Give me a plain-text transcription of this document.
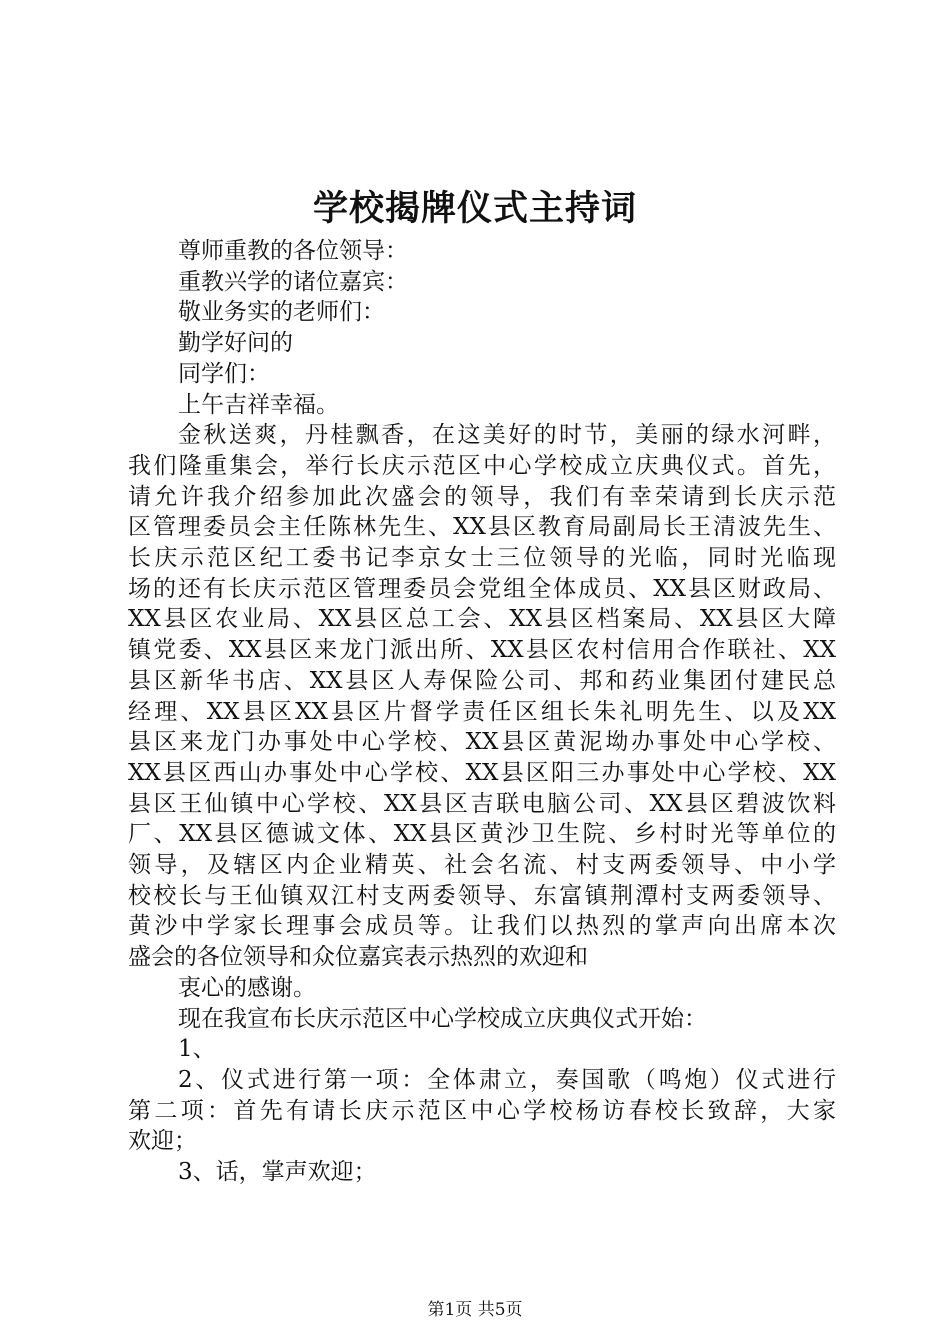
学校揭牌仪式主持词
尊师重教的各位领导：
重教兴学的诸位嘉宾：
敬业务实的老师们：
勤学好问的
同学们：
上午吉祥幸福。
金秋送爽，丹桂飘香，在这美好的时节，美丽的绿水河畔，
我们隆重集会，举行长庆示范区中心学校成立庆典仪式。首先，
请允许我介绍参加此次盛会的领导，我们有幸荣请到长庆示范
区管理委员会主任陈林先生、XX县区教育局副局长王清波先生、
长庆示范区纪工委书记李京女士三位领导的光临，同时光临现
场的还有长庆示范区管理委员会党组全体成员、XX县区财政局、
XX县区农业局、XX县区总工会、XX县区档案局、XX县区大障
镇党委、XX县区来龙门派出所、XX县区农村信用合作联社、XX
县区新华书店、XX县区人寿保险公司、邦和药业集团付建民总
经理、XX县区XX县区片督学责任区组长朱礼明先生、以及XX
县区来龙门办事处中心学校、XX县区黄泥坳办事处中心学校、
XX县区西山办事处中心学校、XX县区阳三办事处中心学校、XX
县区王仙镇中心学校、XX县区吉联电脑公司、XX县区碧波饮料
厂、XX县区德诚文体、XX县区黄沙卫生院、乡村时光等单位的
领导，及辖区内企业精英、社会名流、村支两委领导、中小学
校校长与王仙镇双江村支两委领导、东富镇荆潭村支两委领导、
黄沙中学家长理事会成员等。让我们以热烈的掌声向出席本次
盛会的各位领导和众位嘉宾表示热烈的欢迎和
衷心的感谢。
现在我宣布长庆示范区中心学校成立庆典仪式开始：
1、
2、仪式进行第一项：全体肃立，奏国歌（鸣炮）仪式进行
第二项：首先有请长庆示范区中心学校杨访春校长致辞，大家
欢迎；
3、话，掌声欢迎；
第1页 共5页
